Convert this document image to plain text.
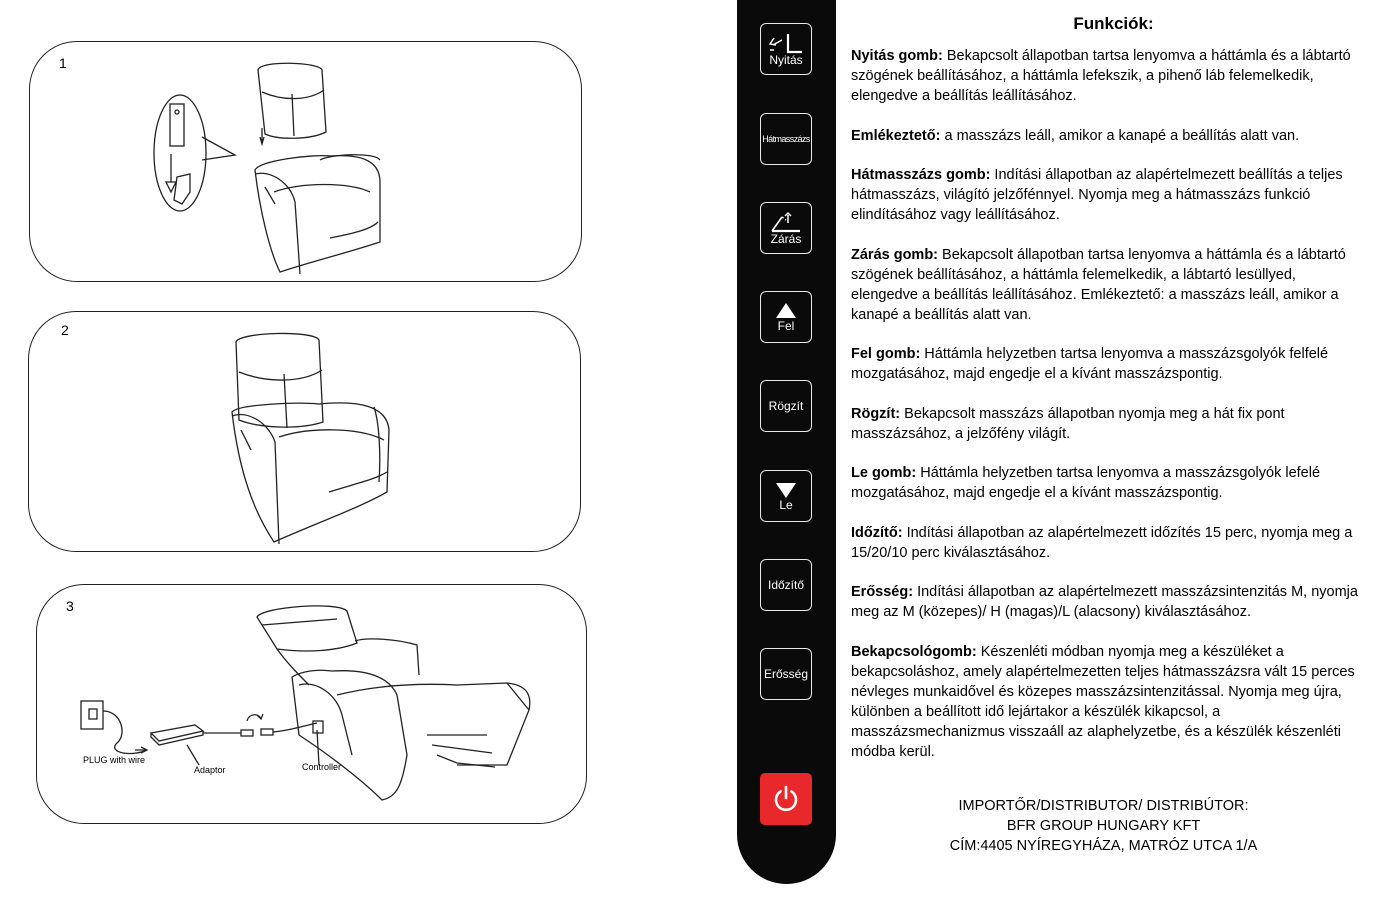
1
2
3
PLUG with wire
Adaptor	Controller
Nyitás
Hátmasszázs
Zárás
Fel
Rögzít
Le
Időzítő
Erősség
Funkciók:

Nyitás gomb: Bekapcsolt állapotban tartsa lenyomva a háttámla és a lábtartó szögének beállításához, a háttámla lefekszik, a pihenő láb felemelkedik, elengedve a beállítás leállításához.

Emlékeztető: a masszázs leáll, amikor a kanapé a beállítás alatt van.

Hátmasszázs gomb: Indítási állapotban az alapértelmezett beállítás a teljes hátmasszázs, világító jelzőfénnyel. Nyomja meg a hátmasszázs funkció elindításához vagy leállításához.

Zárás gomb: Bekapcsolt állapotban tartsa lenyomva a háttámla és a lábtartó szögének beállításához, a háttámla felemelkedik, a lábtartó lesüllyed, elengedve a beállítás leállításához. Emlékeztető: a masszázs leáll, amikor a kanapé a beállítás alatt van.

Fel gomb: Háttámla helyzetben tartsa lenyomva a masszázsgolyók felfelé mozgatásához, majd engedje el a kívánt masszázspontig.

Rögzít: Bekapcsolt masszázs állapotban nyomja meg a hát fix pont masszázsához, a jelzőfény világít.

Le gomb: Háttámla helyzetben tartsa lenyomva a masszázsgolyók lefelé mozgatásához, majd engedje el a kívánt masszázspontig.

Időzítő: Indítási állapotban az alapértelmezett időzítés 15 perc, nyomja meg a 15/20/10 perc kiválasztásához.

Erősség: Indítási állapotban az alapértelmezett masszázsintenzitás M, nyomja meg az M (közepes)/ H (magas)/L (alacsony) kiválasztásához.

Bekapcsológomb: Készenléti módban nyomja meg a készüléket a bekapcsoláshoz, amely alapértelmezetten teljes hátmasszázsra vált 15 perces névleges munkaidővel és közepes masszázsintenzitással. Nyomja meg újra, különben a beállított idő lejártakor a készülék kikapcsol, a masszázsmechanizmus visszaáll az alaphelyzetbe, és a készülék készenléti módba kerül.

IMPORTŐR/DISTRIBUTOR/ DISTRIBÚTOR:
BFR GROUP HUNGARY KFT
CÍM:4405 NYÍREGYHÁZA, MATRÓZ UTCA 1/A
